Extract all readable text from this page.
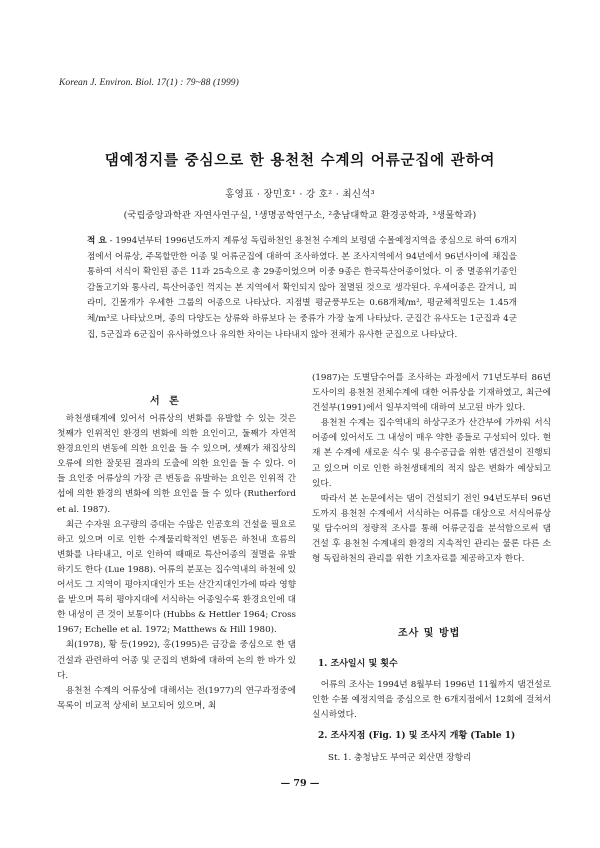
Korean J. Environ. Biol. 17(1) : 79~88 (1999)
댐예정지를 중심으로 한 용천천 수계의 어류군집에 관하여
홍영표 · 장민호¹ · 강 호² · 최신석³
(국립중앙과학관 자연사연구실, ¹생명공학연구소, ²충남대학교 환경공학과, ³생물학과)

적 요 - 1994년부터 1996년도까지 계류성 독립하천인 용천천 수계의 보령댐 수몰예정지역을 중심으로 하여 6개지점에서 어류상, 주목할만한 어종 및 어류군집에 대하여 조사하였다. 본 조사지역에서 94년에서 96년사이에 채집을 통하여 서식이 확인된 종은 11과 25속으로 총 29종이었으며 이중 9종은 한국특산어종이었다. 이 중 멸종위기종인 감돌고기와 통사리, 특산어종인 꺽지는 본 지역에서 확인되지 않아 절멸된 것으로 생각된다. 우세어종은 갈겨니, 피라미, 긴몰개가 우세한 그룹의 어종으로 나타났다. 지점별 평균풍부도는 0.68개체/m², 평균체적밀도는 1.45개체/m³로 나타났으며, 종의 다양도는 상류와 하류보다 는 중류가 가장 높게 나타났다. 군집간 유사도는 1군집과 4군집, 5군집과 6군집이 유사하였으나 유의한 차이는 나타내지 않아 전체가 유사한 군집으로 나타났다.

서 론

하천생태계에 있어서 어류상의 변화를 유발할 수 있는 것은 첫째가 인위적인 환경의 변화에 의한 요인이고, 둘째가 자연적 환경요인의 변동에 의한 요인을 들 수 있으며, 셋째가 채집상의 오류에 의한 잘못된 결과의 도출에 의한 요인을 들 수 있다. 이들 요인중 어류상의 가장 큰 변동을 유발하는 요인은 인위적 간섭에 의한 환경의 변화에 의한 요인을 들 수 있다 (Rutherford et al. 1987).

최근 수자원 요구량의 증대는 수많은 인공호의 건설을 필요로 하고 있으며 이로 인한 수계물리학적인 변동은 하천내 흐름의 변화를 나타내고, 이로 인하여 때때로 특산어종의 절멸을 유발하기도 한다 (Lue 1988). 어류의 분포는 집수역내의 하천에 있어서도 그 지역이 평야지대인가 또는 산간지대인가에 따라 영향을 받으며 특히 평야지대에 서식하는 어종일수록 환경요인에 대한 내성이 큰 것이 보통이다 (Hubbs & Hettler 1964; Cross 1967; Echelle et al. 1972; Matthews & Hill 1980).

최(1978), 황 등(1992), 홍(1995)은 금강을 중심으로 한 댐건설과 관련하여 어종 및 군집의 변화에 대하여 논의 한 바가 있다.

용천천 수계의 어류상에 대해서는 전(1977)의 연구과정중에 목록이 비교적 상세히 보고되어 있으며, 최

(1987)는 도별담수어를 조사하는 과정에서 71년도부터 86년도사이의 용천천 전체수계에 대한 어류상을 기재하였고, 최근에 건설부(1991)에서 일부지역에 대하여 보고된 바가 있다.

용천천 수계는 집수역내의 하상구조가 산간부에 가까워 서식어종에 있어서도 그 내성이 매우 약한 종들로 구성되어 있다. 현재 본 수계에 새로운 식수 및 용수공급을 위한 댐건설이 진행되고 있으며 이로 인한 하천생태계의 적지 않은 변화가 예상되고 있다.

따라서 본 논문에서는 댐이 건설되기 전인 94년도부터 96년도까지 용천천 수계에서 서식하는 어류를 대상으로 서식어류상 및 담수어의 정량적 조사를 통해 어류군집을 분석함으로써 댐 건설 후 용천천 수계내의 환경의 지속적인 관리는 물론 다른 소형 독립하천의 관리를 위한 기초자료를 제공하고자 한다.

조사 및 방법
1. 조사일시 및 횟수

어류의 조사는 1994년 8월부터 1996년 11월까지 댐건설로 인한 수몰 예정지역을 중심으로 한 6개지점에서 12회에 걸쳐서 실시하였다.

2. 조사지점 (Fig. 1) 및 조사지 개황 (Table 1)
St. 1. 충청남도 부여군 외산면 장항리
— 79 —
